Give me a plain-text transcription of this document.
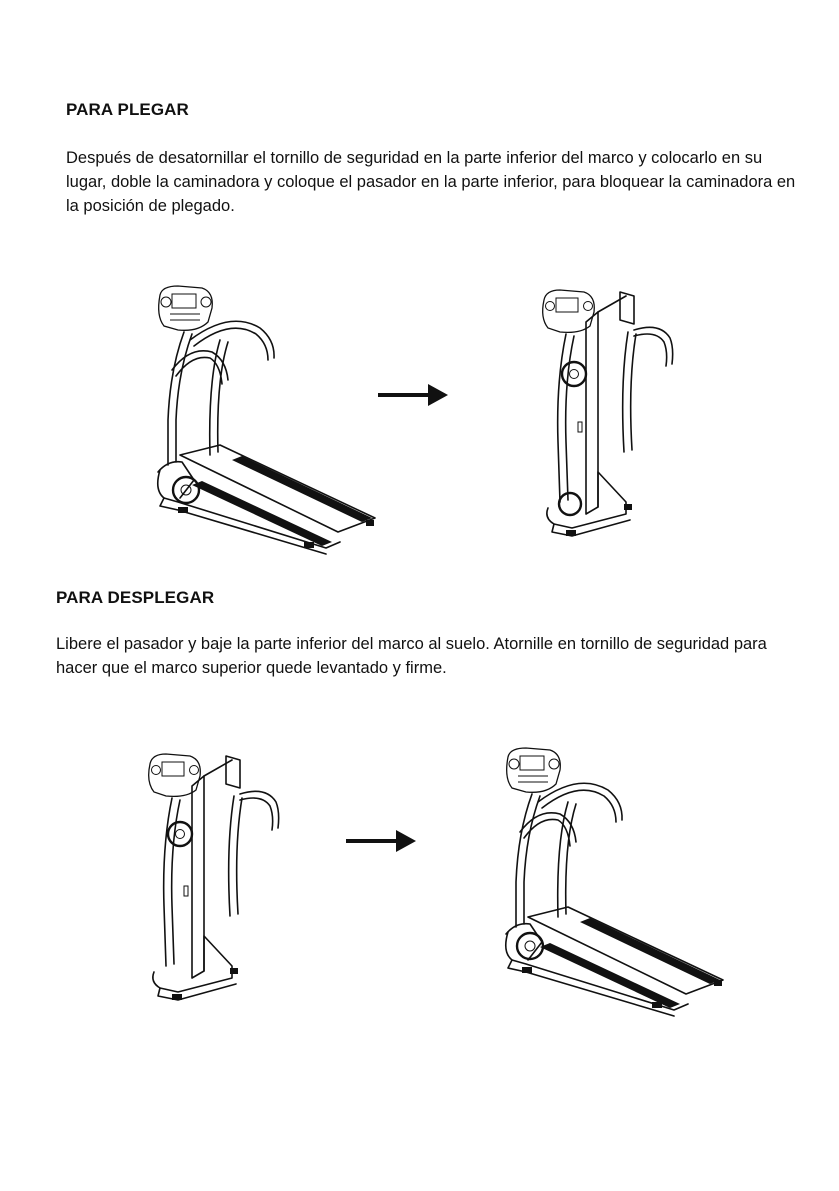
PARA PLEGAR

Después de desatornillar el tornillo de seguridad en la parte inferior del marco y colocarlo en su lugar, doble la caminadora y coloque el pasador en la parte inferior, para bloquear la caminadora en la posición de plegado.

PARA DESPLEGAR

Libere el pasador y baje la parte inferior del marco al suelo. Atornille en tornillo de seguridad para hacer que el marco superior quede levantado y firme.
